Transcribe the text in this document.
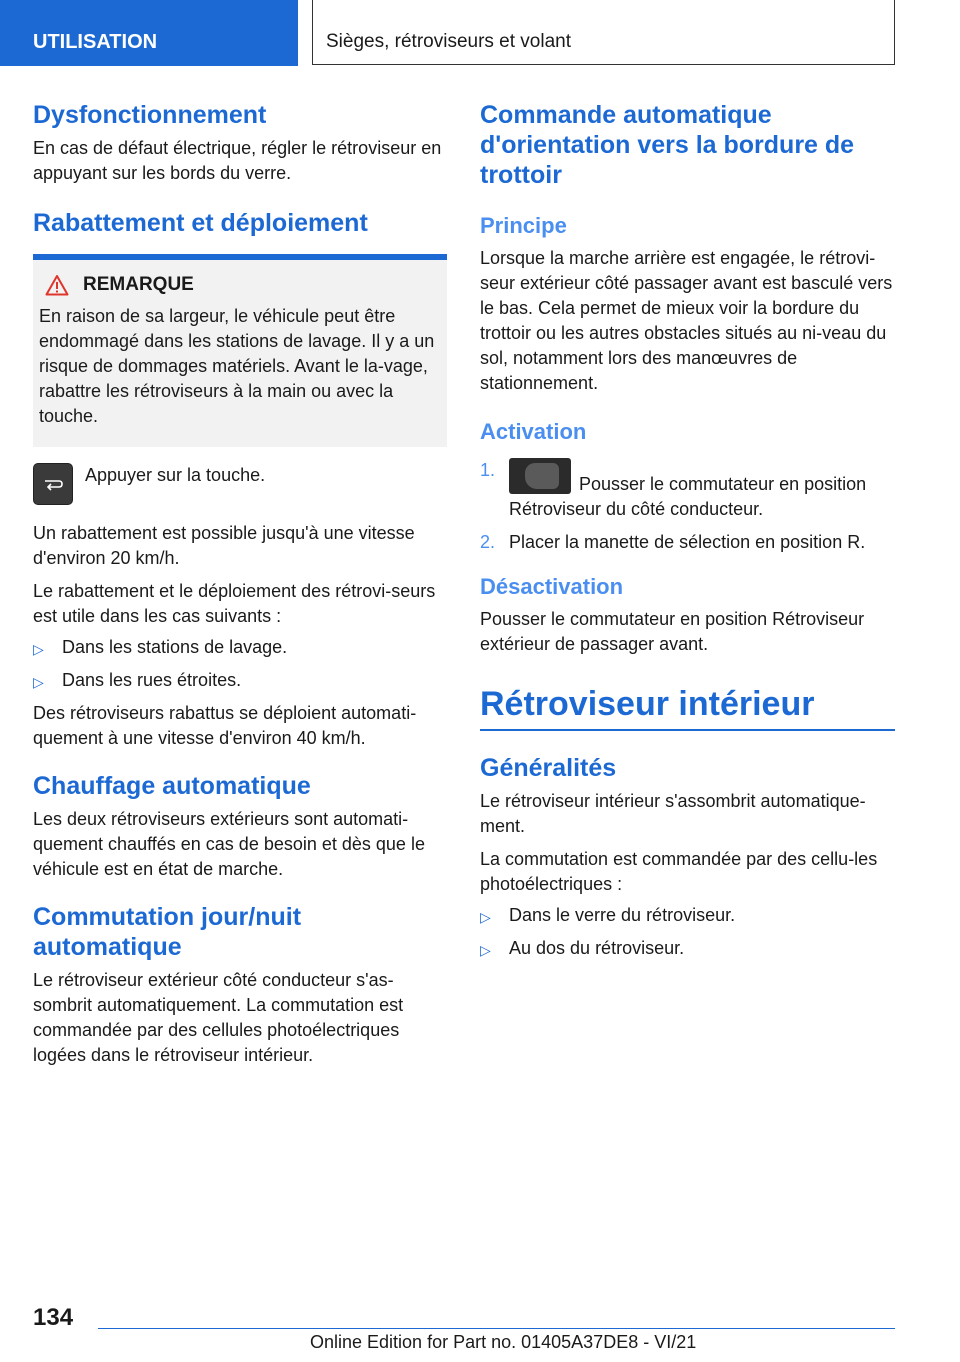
UTILISATION	Sièges, rétroviseurs et volant
Dysfonctionnement

En cas de défaut électrique, régler le rétroviseur en appuyant sur les bords du verre.

Rabattement et déploiement
REMARQUE

En raison de sa largeur, le véhicule peut être endommagé dans les stations de lavage. Il y a un risque de dommages matériels. Avant le la-vage, rabattre les rétroviseurs à la main ou avec la touche.

Appuyer sur la touche.

Un rabattement est possible jusqu'à une vitesse d'environ 20 km/h.

Le rabattement et le déploiement des rétrovi-seurs est utile dans les cas suivants :

▷	Dans les stations de lavage.
▷	Dans les rues étroites.

Des rétroviseurs rabattus se déploient automati-quement à une vitesse d'environ 40 km/h.

Chauffage automatique

Les deux rétroviseurs extérieurs sont automati-quement chauffés en cas de besoin et dès que le véhicule est en état de marche.

Commutation jour/nuit automatique

Le rétroviseur extérieur côté conducteur s'as-sombrit automatiquement. La commutation est commandée par des cellules photoélectriques logées dans le rétroviseur intérieur.

Commande automatique d'orientation vers la bordure de trottoir
Principe

Lorsque la marche arrière est engagée, le rétrovi-seur extérieur côté passager avant est basculé vers le bas. Cela permet de mieux voir la bordure du trottoir ou les autres obstacles situés au ni-veau du sol, notamment lors des manœuvres de stationnement.

Activation
1.
Pousser le commutateur en position Rétroviseur du côté conducteur.
2. Placer la manette de sélection en position R.
Désactivation

Pousser le commutateur en position Rétroviseur extérieur de passager avant.

Rétroviseur intérieur
Généralités

Le rétroviseur intérieur s'assombrit automatique-ment.

La commutation est commandée par des cellu-les photoélectriques :

▷	Dans le verre du rétroviseur.
▷	Au dos du rétroviseur.
134
Online Edition for Part no. 01405A37DE8 - VI/21
